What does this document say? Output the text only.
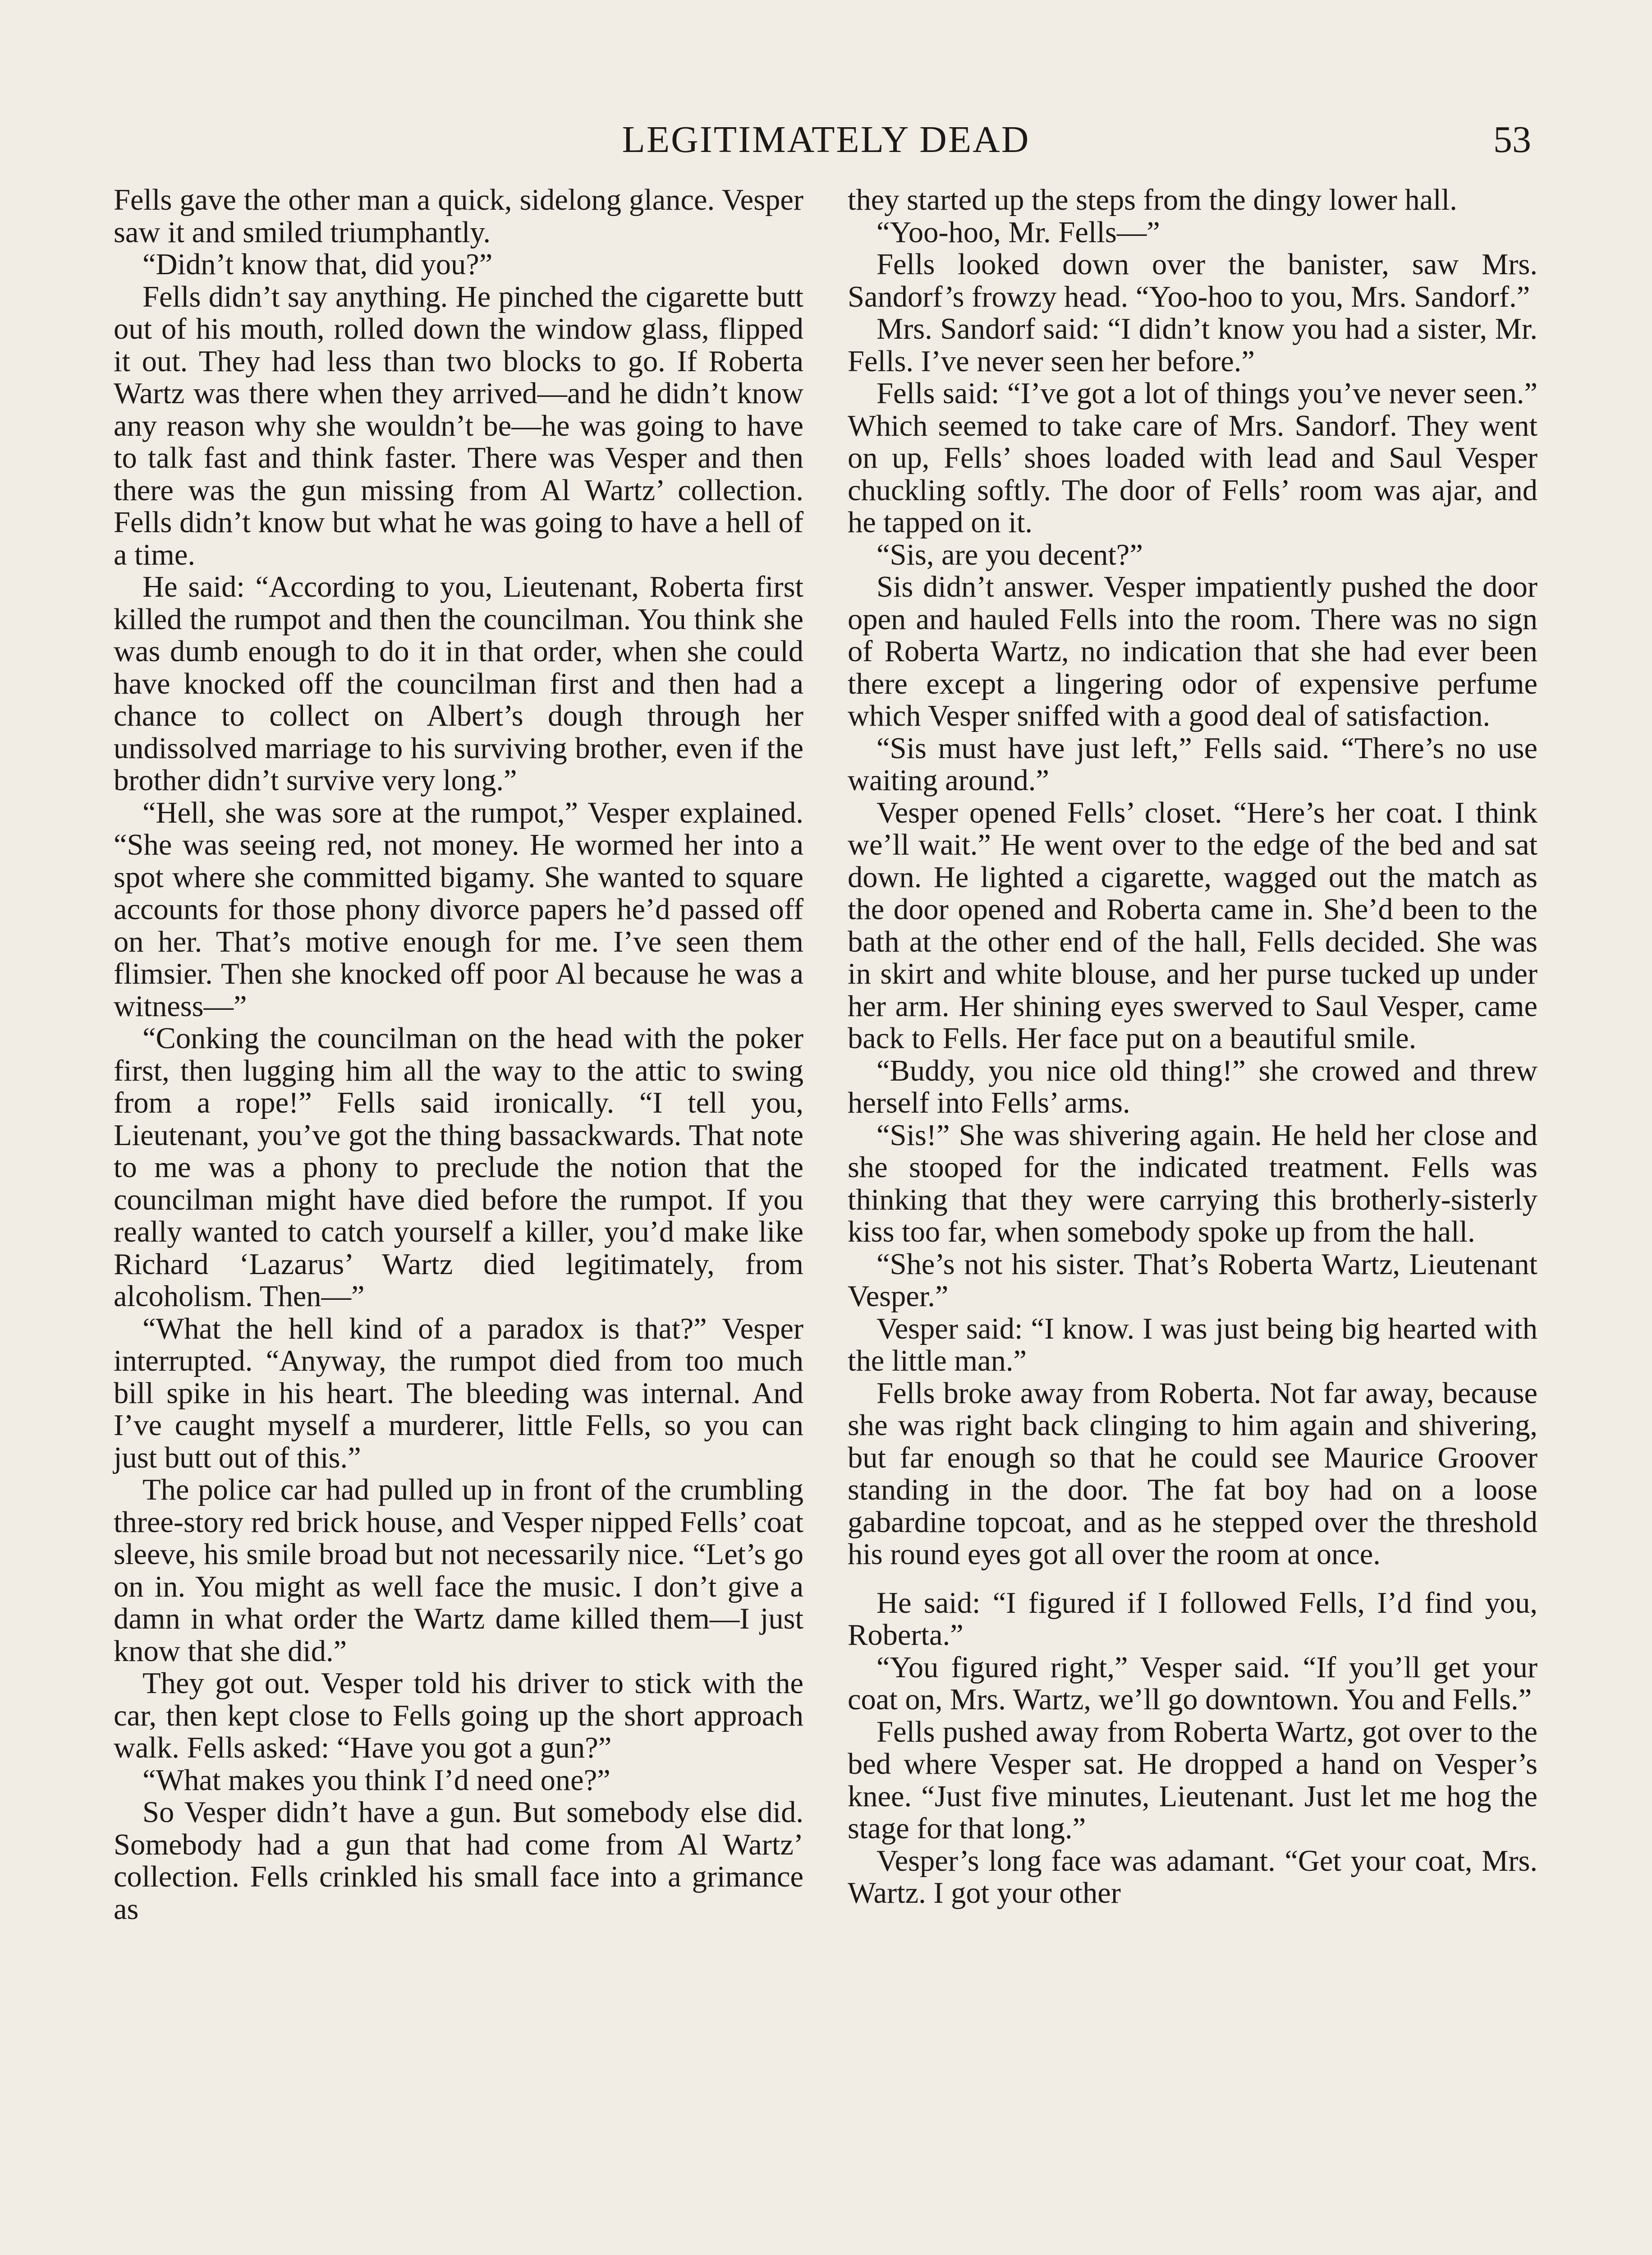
LEGITIMATELY DEAD	53

Fells gave the other man a quick, sidelong glance. Vesper saw it and smiled triumphantly.

“Didn’t know that, did you?”

Fells didn’t say anything. He pinched the cigarette butt out of his mouth, rolled down the window glass, flipped it out. They had less than two blocks to go. If Roberta Wartz was there when they arrived—and he didn’t know any reason why she wouldn’t be—he was going to have to talk fast and think faster. There was Vesper and then there was the gun missing from Al Wartz’ collection. Fells didn’t know but what he was going to have a hell of a time.

He said: “According to you, Lieutenant, Roberta first killed the rumpot and then the councilman. You think she was dumb enough to do it in that order, when she could have knocked off the councilman first and then had a chance to collect on Albert’s dough through her undissolved marriage to his surviving brother, even if the brother didn’t survive very long.”

“Hell, she was sore at the rumpot,” Vesper explained. “She was seeing red, not money. He wormed her into a spot where she committed bigamy. She wanted to square accounts for those phony divorce papers he’d passed off on her. That’s motive enough for me. I’ve seen them flimsier. Then she knocked off poor Al because he was a witness—”

“Conking the councilman on the head with the poker first, then lugging him all the way to the attic to swing from a rope!” Fells said ironically. “I tell you, Lieutenant, you’ve got the thing bassackwards. That note to me was a phony to preclude the notion that the councilman might have died before the rumpot. If you really wanted to catch yourself a killer, you’d make like Richard ‘Lazarus’ Wartz died legitimately, from alcoholism. Then—”

“What the hell kind of a paradox is that?” Vesper interrupted. “Anyway, the rumpot died from too much bill spike in his heart. The bleeding was internal. And I’ve caught myself a murderer, little Fells, so you can just butt out of this.”

The police car had pulled up in front of the crumbling three-story red brick house, and Vesper nipped Fells’ coat sleeve, his smile broad but not necessarily nice. “Let’s go on in. You might as well face the music. I don’t give a damn in what order the Wartz dame killed them—I just know that she did.”

They got out. Vesper told his driver to stick with the car, then kept close to Fells going up the short approach walk. Fells asked: “Have you got a gun?”

“What makes you think I’d need one?”

So Vesper didn’t have a gun. But somebody else did. Somebody had a gun that had come from Al Wartz’ collection. Fells crinkled his small face into a grimance as

they started up the steps from the dingy lower hall.

“Yoo-hoo, Mr. Fells—”

Fells looked down over the banister, saw Mrs. Sandorf’s frowzy head. “Yoo-hoo to you, Mrs. Sandorf.”

Mrs. Sandorf said: “I didn’t know you had a sister, Mr. Fells. I’ve never seen her before.”

Fells said: “I’ve got a lot of things you’ve never seen.” Which seemed to take care of Mrs. Sandorf. They went on up, Fells’ shoes loaded with lead and Saul Vesper chuckling softly. The door of Fells’ room was ajar, and he tapped on it.

“Sis, are you decent?”

Sis didn’t answer. Vesper impatiently pushed the door open and hauled Fells into the room. There was no sign of Roberta Wartz, no indication that she had ever been there except a lingering odor of expensive perfume which Vesper sniffed with a good deal of satisfaction.

“Sis must have just left,” Fells said. “There’s no use waiting around.”

Vesper opened Fells’ closet. “Here’s her coat. I think we’ll wait.” He went over to the edge of the bed and sat down. He lighted a cigarette, wagged out the match as the door opened and Roberta came in. She’d been to the bath at the other end of the hall, Fells decided. She was in skirt and white blouse, and her purse tucked up under her arm. Her shining eyes swerved to Saul Vesper, came back to Fells. Her face put on a beautiful smile.

“Buddy, you nice old thing!” she crowed and threw herself into Fells’ arms.

“Sis!” She was shivering again. He held her close and she stooped for the indicated treatment. Fells was thinking that they were carrying this brotherly-sisterly kiss too far, when somebody spoke up from the hall.

“She’s not his sister. That’s Roberta Wartz, Lieutenant Vesper.”

Vesper said: “I know. I was just being big hearted with the little man.”

Fells broke away from Roberta. Not far away, because she was right back clinging to him again and shivering, but far enough so that he could see Maurice Groover standing in the door. The fat boy had on a loose gabardine topcoat, and as he stepped over the threshold his round eyes got all over the room at once.

He said: “I figured if I followed Fells, I’d find you, Roberta.”

“You figured right,” Vesper said. “If you’ll get your coat on, Mrs. Wartz, we’ll go downtown. You and Fells.”

Fells pushed away from Roberta Wartz, got over to the bed where Vesper sat. He dropped a hand on Vesper’s knee. “Just five minutes, Lieutenant. Just let me hog the stage for that long.”

Vesper’s long face was adamant. “Get your coat, Mrs. Wartz. I got your other
